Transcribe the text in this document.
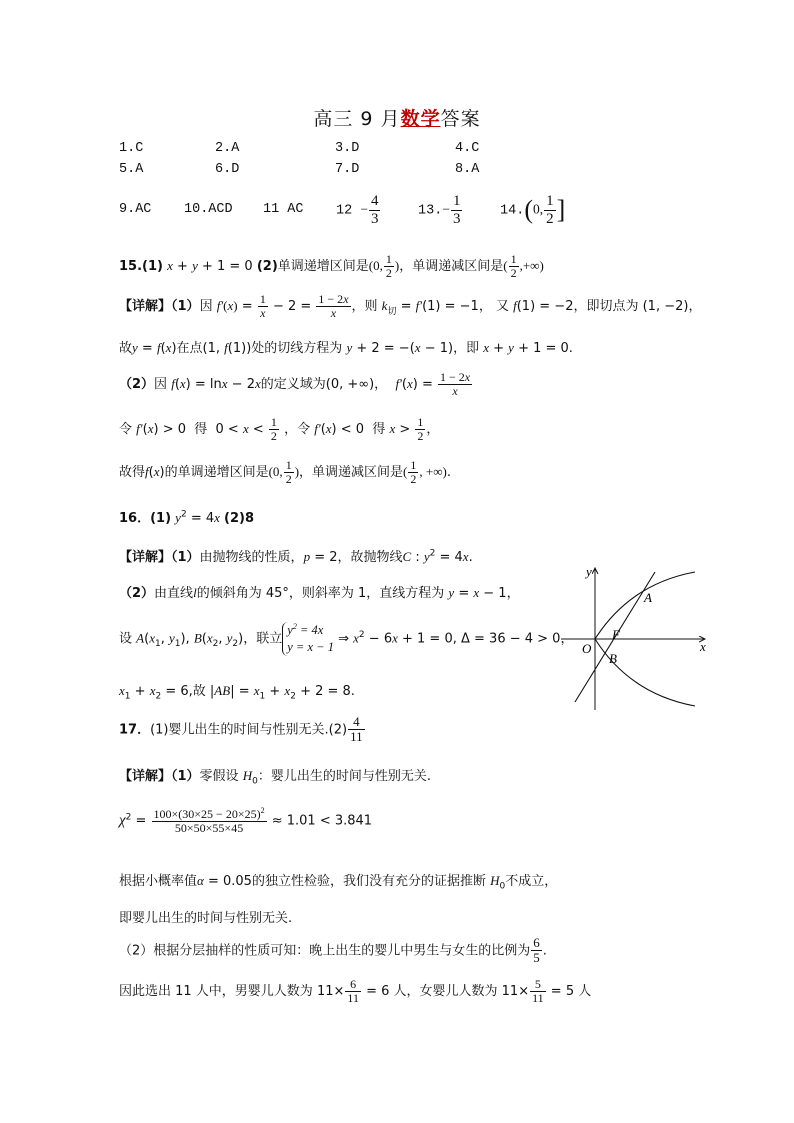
高三 9 月数学答案
1.C	2.A	3.D	4.C
5.A	6.D	7.D	8.A
9.AC 10.ACD 11 AC $12 - \frac{4}{3}$	$13.- \frac{1}{3}$	14.(0, $\frac{1}{2}$ ]
15.(1) x + y + 1 = 0 (2)单调递增区间是(0, $\frac{1}{2}$ )，单调递减区间是( $\frac{1}{2}$ ,+∞)
【详解】（1）因 $f'(x) = \frac{1}{x} - 2 = \frac{1 - 2x}{x}$ ，则 $k_切 = f'(1) = -1$， 又 f(1) = −2，即切点为 (1, −2)，
故y = f(x)在点(1, f(1))处的切线方程为 y + 2 = −(x − 1)，即 x + y + 1 = 0.
（2）因 f(x) = lnx − 2x的定义域为(0, +∞)，  $f'(x) = \frac{1 - 2x}{x}$
令 f′(x) > 0  得  $0 < x < \frac{1}{2}$ ，令 f′(x) < 0  得 $x > \frac{1}{2}$ ，
故得f(x)的单调递增区间是(0, $\frac{1}{2}$ )，单调递减区间是( $\frac{1}{2}$ , +∞).
16．(1) $y^2 = 4x$ (2)8
【详解】（1）由抛物线的性质，p = 2，故抛物线C : $y^2 = 4x$.
（2）由直线l的倾斜角为 45°，则斜率为 1，直线方程为 y = x − 1，
设 $A(x_1$, $y_1$), $B(x_2$, $y_2$)，联立
$y^2 = 4x$
y = x − 1
⇒ $x^2 - 6x + 1 = 0$, Δ = 36 − 4 > 0，
$x_1 + x_2 = 6$,故 $|AB| = x_1 + x_2 + 2 = 8$.
y
x
O
F
A
B
17．(1)婴儿出生的时间与性别无关$.(2) \frac{4}{11}$
【详解】（1）零假设 $H_0$：婴儿出生的时间与性别无关.
$\chi^2 = \frac{100\times(30\times 25 - 20\times 25)^2}{50\times 50\times 55\times 45} \approx 1.01 < 3.841$
根据小概率值α = 0.05的独立性检验，我们没有充分的证据推断 $H_0$不成立，
即婴儿出生的时间与性别无关.
（2）根据分层抽样的性质可知：晚上出生的婴儿中男生与女生的比例为 $\frac{6}{5}$ .
因此选出 11 人中，男婴儿人数为 $11\times \frac{6}{11} = 6$ 人，女婴儿人数为 $11\times \frac{5}{11} = 5$ 人
